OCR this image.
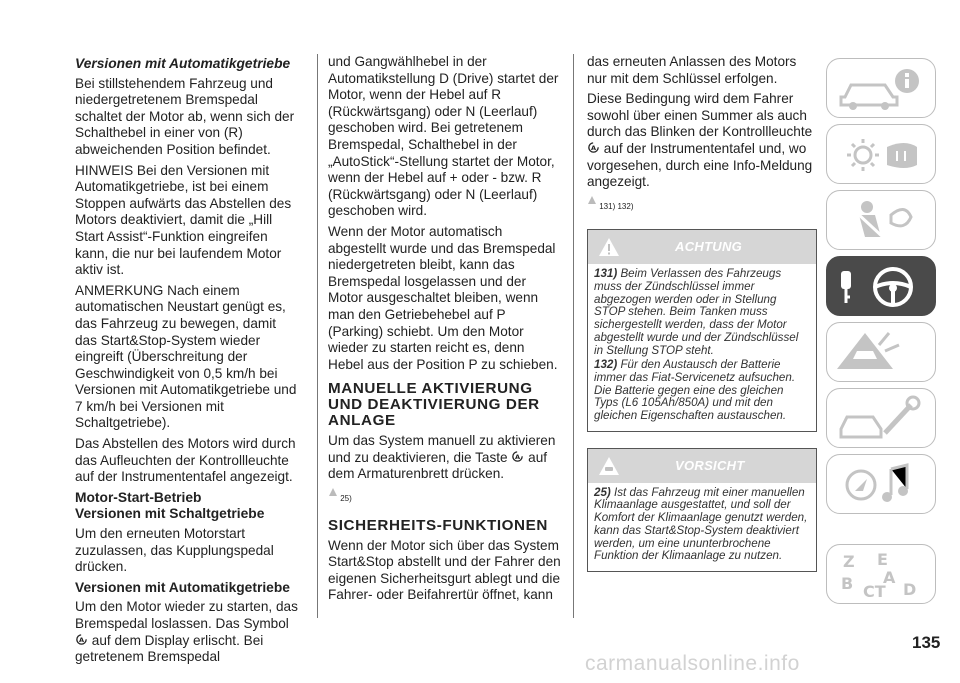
Versionen mit Automatikgetriebe

Bei stillstehendem Fahrzeug und niedergetretenem Bremspedal schaltet der Motor ab, wenn sich der Schalthebel in einer von (R) abweichenden Position befindet.

HINWEIS Bei den Versionen mit Automatikgetriebe, ist bei einem Stoppen aufwärts das Abstellen des Motors deaktiviert, damit die „Hill Start Assist“-Funktion eingreifen kann, die nur bei laufendem Motor aktiv ist.

ANMERKUNG Nach einem automatischen Neustart genügt es, das Fahrzeug zu bewegen, damit das Start&Stop-System wieder eingreift (Überschreitung der Geschwindigkeit von 0,5 km/h bei Versionen mit Automatikgetriebe und 7 km/h bei Versionen mit Schaltgetriebe).

Das Abstellen des Motors wird durch das Aufleuchten der Kontrollleuchte auf der Instrumententafel angezeigt.

Motor-Start-Betrieb
Versionen mit Schaltgetriebe

Um den erneuten Motorstart zuzulassen, das Kupplungspedal drücken.

Versionen mit Automatikgetriebe

Um den Motor wieder zu starten, das Bremspedal loslassen. Das Symbol
A auf dem Display erlischt. Bei getretenem Bremspedal

und Gangwählhebel in der Automatikstellung D (Drive) startet der Motor, wenn der Hebel auf R (Rückwärtsgang) oder N (Leerlauf) geschoben wird. Bei getretenem Bremspedal, Schalthebel in der „AutoStick“-Stellung startet der Motor, wenn der Hebel auf + oder - bzw. R (Rückwärtsgang) oder N (Leerlauf) geschoben wird.

Wenn der Motor automatisch abgestellt wurde und das Bremspedal niedergetreten bleibt, kann das Bremspedal losgelassen und der Motor ausgeschaltet bleiben, wenn man den Getriebehebel auf P (Parking) schiebt. Um den Motor wieder zu starten reicht es, denn Hebel aus der Position P zu schieben.

MANUELLE AKTIVIERUNG UND DEAKTIVIERUNG DER ANLAGE

Um das System manuell zu aktivieren und zu deaktivieren, die Taste A auf dem Armaturenbrett drücken.

25)
SICHERHEITS-FUNKTIONEN

Wenn der Motor sich über das System Start&Stop abstellt und der Fahrer den eigenen Sicherheitsgurt ablegt und die Fahrer- oder Beifahrertür öffnet, kann

das erneuten Anlassen des Motors nur mit dem Schlüssel erfolgen.

Diese Bedingung wird dem Fahrer sowohl über einen Summer als auch durch das Blinken der Kontrollleuchte
A auf der Instrumententafel und, wo vorgesehen, durch eine Info-Meldung angezeigt.

131) 132)
ACHTUNG

131) Beim Verlassen des Fahrzeugs muss der Zündschlüssel immer abgezogen werden oder in Stellung STOP stehen. Beim Tanken muss sichergestellt werden, dass der Motor abgestellt wurde und der Zündschlüssel in Stellung STOP steht.

132) Für den Austausch der Batterie immer das Fiat-Servicenetz aufsuchen. Die Batterie gegen eine des gleichen Typs (L6 105Ah/850A) und mit den gleichen Eigenschaften austauschen.

VORSICHT

25) Ist das Fahrzeug mit einer manuellen Klimaanlage ausgestattet, und soll der Komfort der Klimaanlage genutzt werden, kann das Start&Stop-System deaktiviert werden, um eine ununterbrochene Funktion der Klimaanlage zu nutzen.	Z E
B A
CT D
135
carmanualsonline.info
